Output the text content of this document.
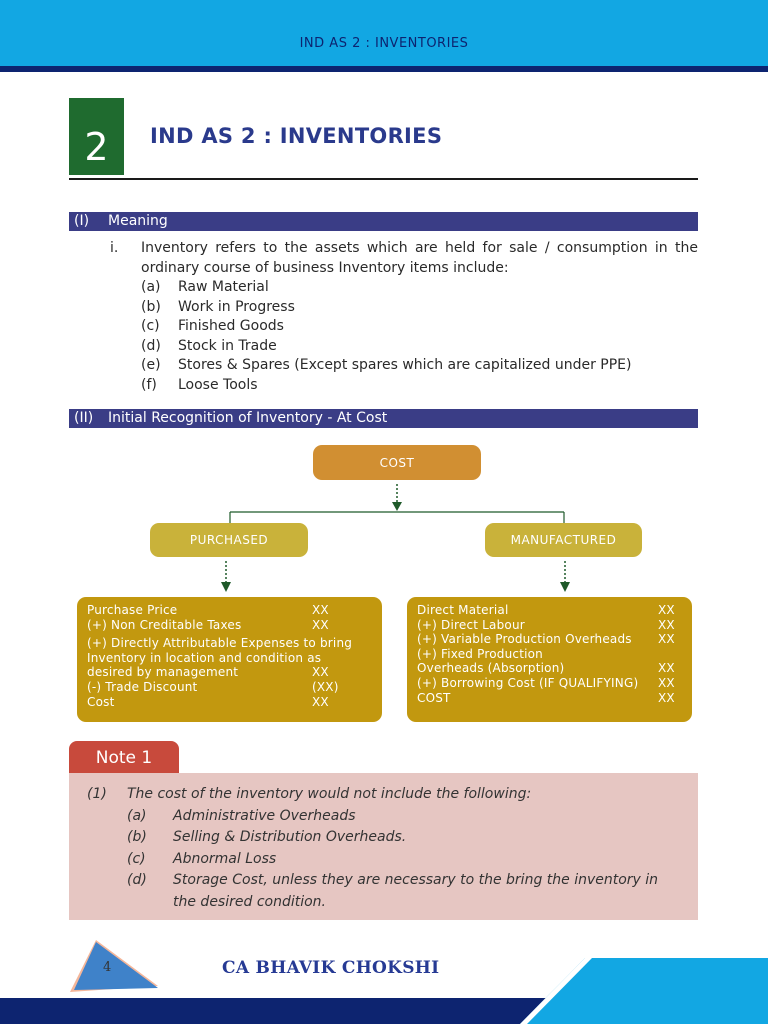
IND AS 2 : INVENTORIES
2	IND AS 2 : INVENTORIES
(I) Meaning
i.	Inventory refers to the assets which are held for sale / consumption in the ordinary course of business Inventory items include:
(a)	Raw Material
(b)	Work in Progress
(c)	Finished Goods
(d)	Stock in Trade
(e)	Stores & Spares (Except spares which are capitalized under PPE)
(f)	Loose Tools
(II) Initial Recognition of Inventory - At Cost
COST
PURCHASED	MANUFACTURED
Purchase Price	XX
(+) Non Creditable Taxes	XX
(+) Directly Attributable Expenses to bring
Inventory in location and condition as
desired by management	XX
(-) Trade Discount	(XX)
Cost	XX
Direct Material	XX
(+) Direct Labour	XX
(+) Variable Production Overheads XX
(+) Fixed Production
Overheads (Absorption)	XX
(+) Borrowing Cost (IF QUALIFYING) XX
COST	XX
Note 1
(1)	The cost of the inventory would not include the following:
(a)	Administrative Overheads
(b)	Selling & Distribution Overheads.
(c)	Abnormal Loss
(d)	Storage Cost, unless they are necessary to the bring the inventory in the desired condition.
4	CA BHAVIK CHOKSHI
